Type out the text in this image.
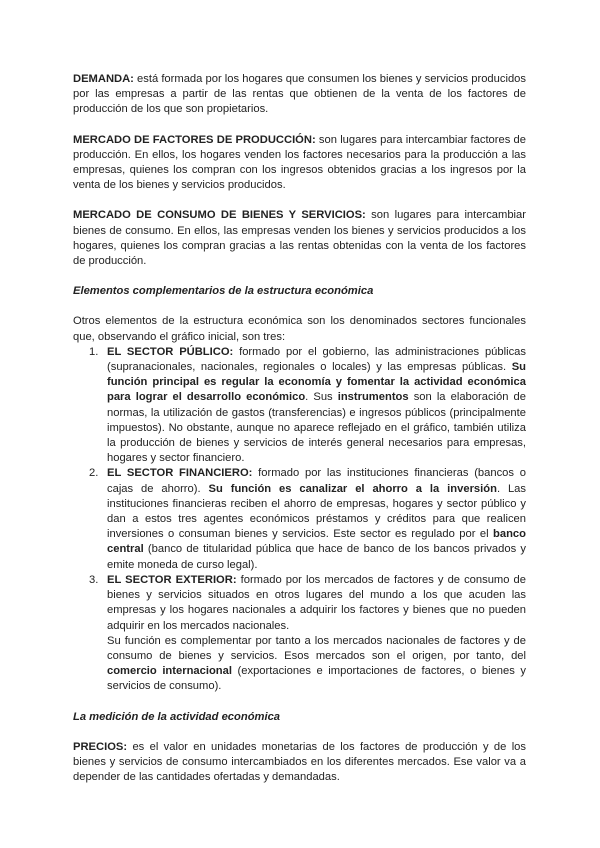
DEMANDA: está formada por los hogares que consumen los bienes y servicios producidos por las empresas a partir de las rentas que obtienen de la venta de los factores de producción de los que son propietarios.

MERCADO DE FACTORES DE PRODUCCIÓN: son lugares para intercambiar factores de producción. En ellos, los hogares venden los factores necesarios para la producción a las empresas, quienes los compran con los ingresos obtenidos gracias a los ingresos por la venta de los bienes y servicios producidos.

MERCADO DE CONSUMO DE BIENES Y SERVICIOS: son lugares para intercambiar bienes de consumo. En ellos, las empresas venden los bienes y servicios producidos a los hogares, quienes los compran gracias a las rentas obtenidas con la venta de los factores de producción.

Elementos complementarios de la estructura económica

Otros elementos de la estructura económica son los denominados sectores funcionales que, observando el gráfico inicial, son tres:

1. EL SECTOR PÚBLICO: formado por el gobierno, las administraciones públicas (supranacionales, nacionales, regionales o locales) y las empresas públicas. Su función principal es regular la economía y fomentar la actividad económica para lograr el desarrollo económico. Sus instrumentos son la elaboración de normas, la utilización de gastos (transferencias) e ingresos públicos (principalmente impuestos). No obstante, aunque no aparece reflejado en el gráfico, también utiliza la producción de bienes y servicios de interés general necesarios para empresas, hogares y sector financiero.
2. EL SECTOR FINANCIERO: formado por las instituciones financieras (bancos o cajas de ahorro). Su función es canalizar el ahorro a la inversión. Las instituciones financieras reciben el ahorro de empresas, hogares y sector público y dan a estos tres agentes económicos préstamos y créditos para que realicen inversiones o consuman bienes y servicios. Este sector es regulado por el banco central (banco de titularidad pública que hace de banco de los bancos privados y emite moneda de curso legal).
3. EL SECTOR EXTERIOR: formado por los mercados de factores y de consumo de bienes y servicios situados en otros lugares del mundo a los que acuden las empresas y los hogares nacionales a adquirir los factores y bienes que no pueden adquirir en los mercados nacionales.
Su función es complementar por tanto a los mercados nacionales de factores y de consumo de bienes y servicios. Esos mercados son el origen, por tanto, del comercio internacional (exportaciones e importaciones de factores, o bienes y servicios de consumo).

La medición de la actividad económica

PRECIOS: es el valor en unidades monetarias de los factores de producción y de los bienes y servicios de consumo intercambiados en los diferentes mercados. Ese valor va a depender de las cantidades ofertadas y demandadas.
